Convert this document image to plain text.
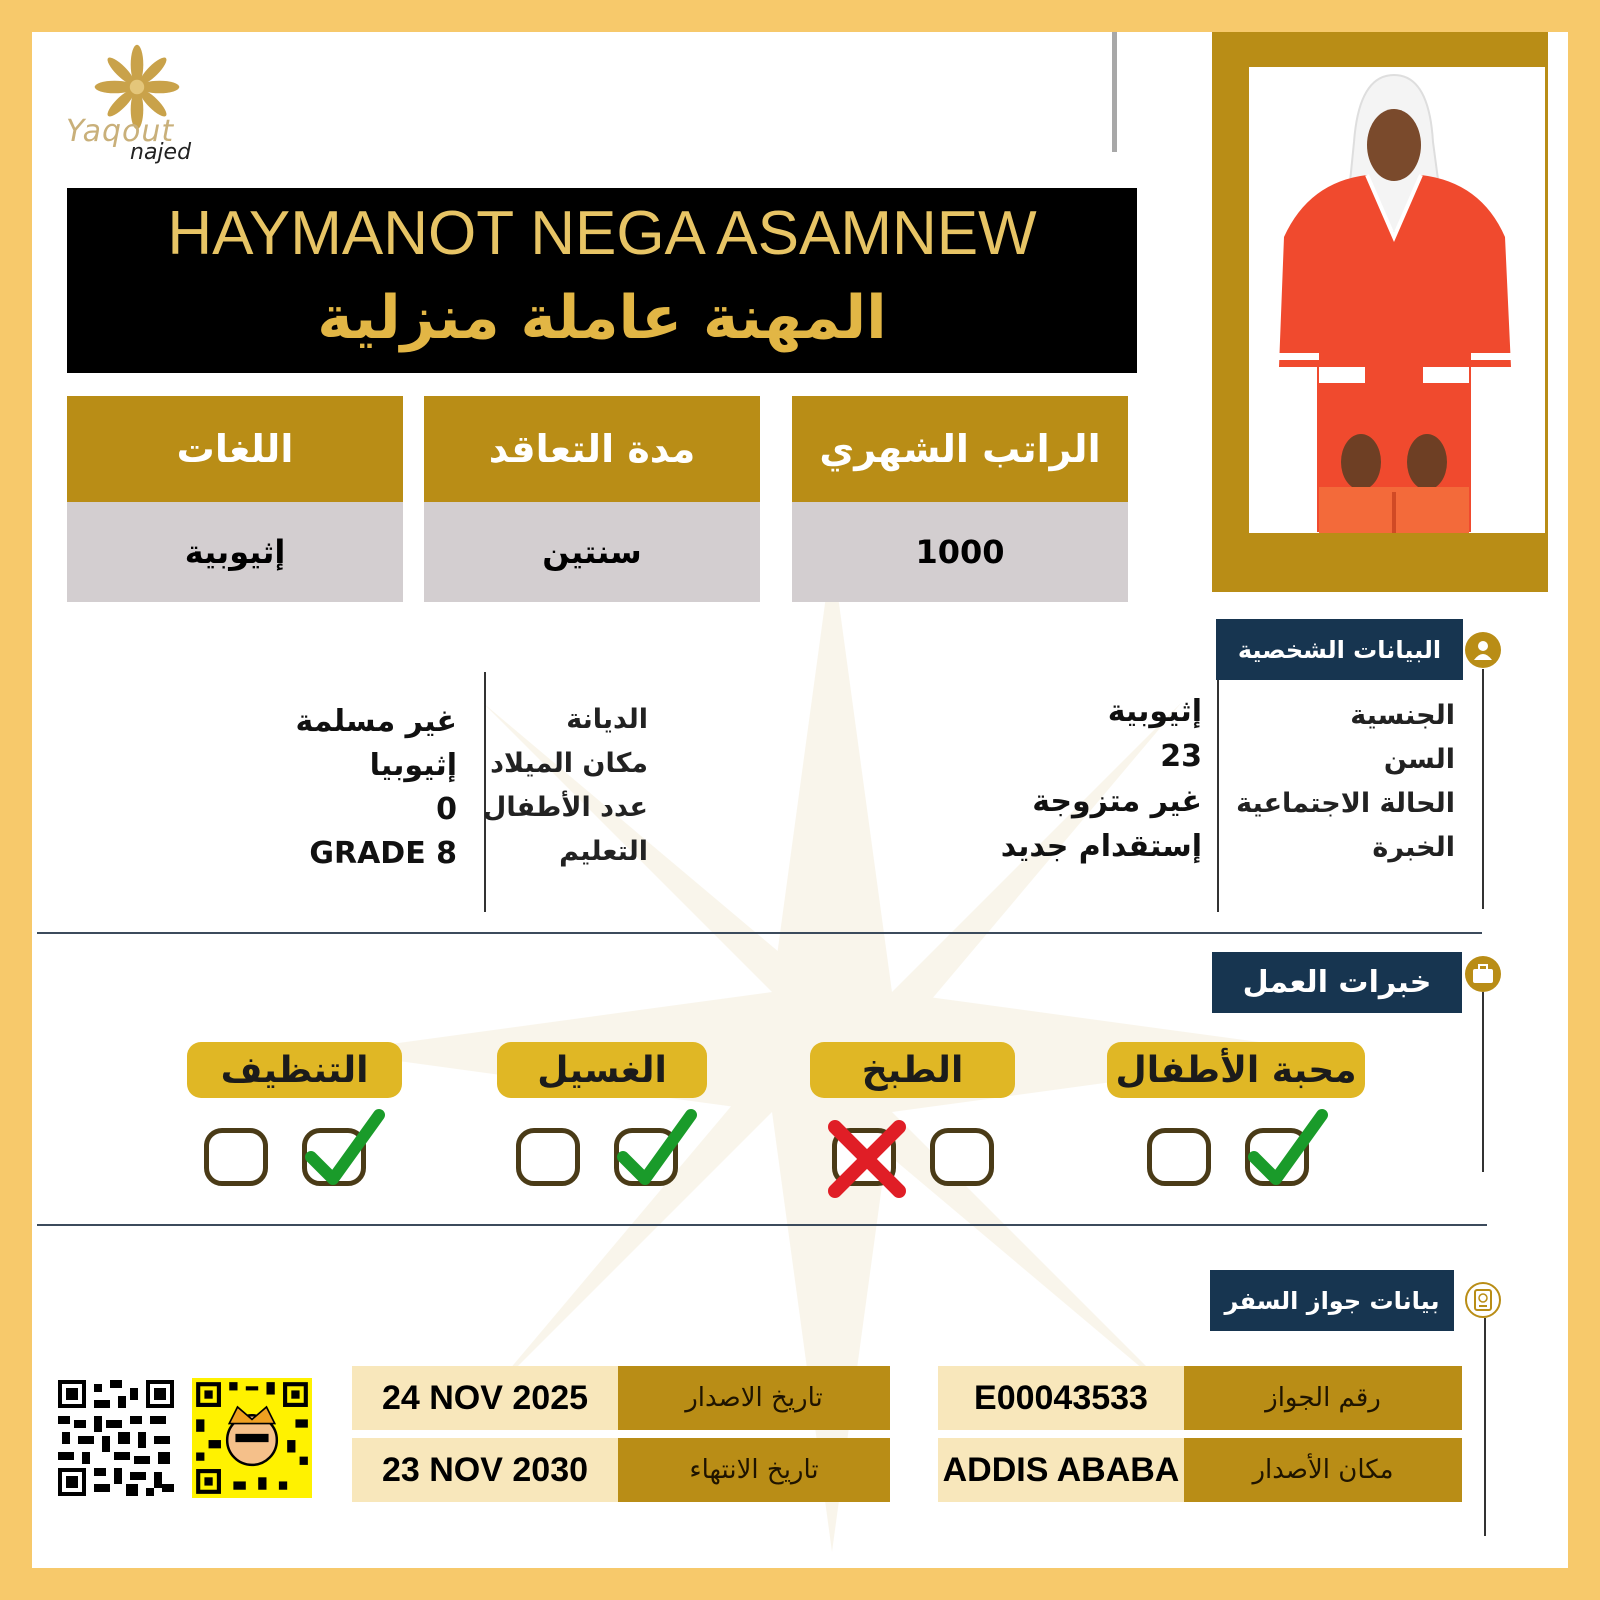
Yaqout
najed
HAYMANOT NEGA ASAMNEW
المهنة عاملة منزلية
اللغات
إثيوبية
مدة التعاقد
سنتين
الراتب الشهري
1000
البيانات الشخصية
الجنسية
السن
الحالة الاجتماعية
الخبرة
إثيوبية
23
غير متزوجة
إستقدام جديد
الديانة
مكان الميلاد
عدد الأطفال
التعليم
غير مسلمة
إثيوبيا
0
GRADE 8
خبرات العمل
محبة الأطفال
الطبخ
الغسيل
التنظيف
بيانات جواز السفر
رقم الجواز
E00043533
مكان الأصدار
ADDIS ABABA
تاريخ الاصدار
24 NOV 2025
تاريخ الانتهاء
23 NOV 2030
